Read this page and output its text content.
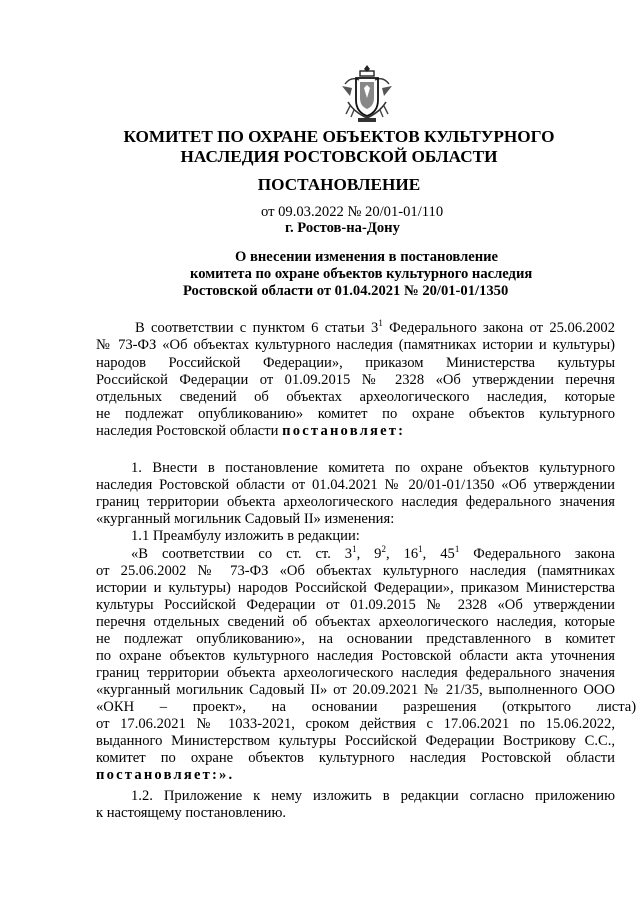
КОМИТЕТ ПО ОХРАНЕ ОБЪЕКТОВ КУЛЬТУРНОГО
НАСЛЕДИЯ РОСТОВСКОЙ ОБЛАСТИ
ПОСТАНОВЛЕНИЕ
от 09.03.2022 № 20/01-01/110
г. Ростов-на-Дону
О внесении изменения в постановление
комитета по охране объектов культурного наследия
Ростовской области от 01.04.2021 № 20/01-01/1350
В соответствии с пунктом 6 статьи $3^1$ Федерального закона от 25.06.2002
№ 73-ФЗ «Об объектах культурного наследия (памятниках истории и культуры)
народов Российской Федерации», приказом Министерства культуры
Российской Федерации от 01.09.2015 № 2328 «Об утверждении перечня
отдельных сведений об объектах археологического наследия, которые
не подлежат опубликованию» комитет по охране объектов культурного
наследия Ростовской области постановляет:
1. Внести в постановление комитета по охране объектов культурного
наследия Ростовской области от 01.04.2021 № 20/01-01/1350 «Об утверждении
границ территории объекта археологического наследия федерального значения
«курганный могильник Садовый II» изменения:
1.1 Преамбулу изложить в редакции:
«В соответствии со ст. ст. $3^1$, $9^2$, $16^1$, $45^1$ Федерального закона
от 25.06.2002 № 73-ФЗ «Об объектах культурного наследия (памятниках
истории и культуры) народов Российской Федерации», приказом Министерства
культуры Российской Федерации от 01.09.2015 № 2328 «Об утверждении
перечня отдельных сведений об объектах археологического наследия, которые
не подлежат опубликованию», на основании представленного в комитет
по охране объектов культурного наследия Ростовской области акта уточнения
границ территории объекта археологического наследия федерального значения
«курганный могильник Садовый II» от 20.09.2021 № 21/35, выполненного ООО
«ОКН – проект», на основании разрешения (открытого листа)
от 17.06.2021 № 1033-2021, сроком действия с 17.06.2021 по 15.06.2022,
выданного Министерством культуры Российской Федерации Вострикову С.С.,
комитет по охране объектов культурного наследия Ростовской области
постановляет:».
1.2. Приложение к нему изложить в редакции согласно приложению
к настоящему постановлению.
